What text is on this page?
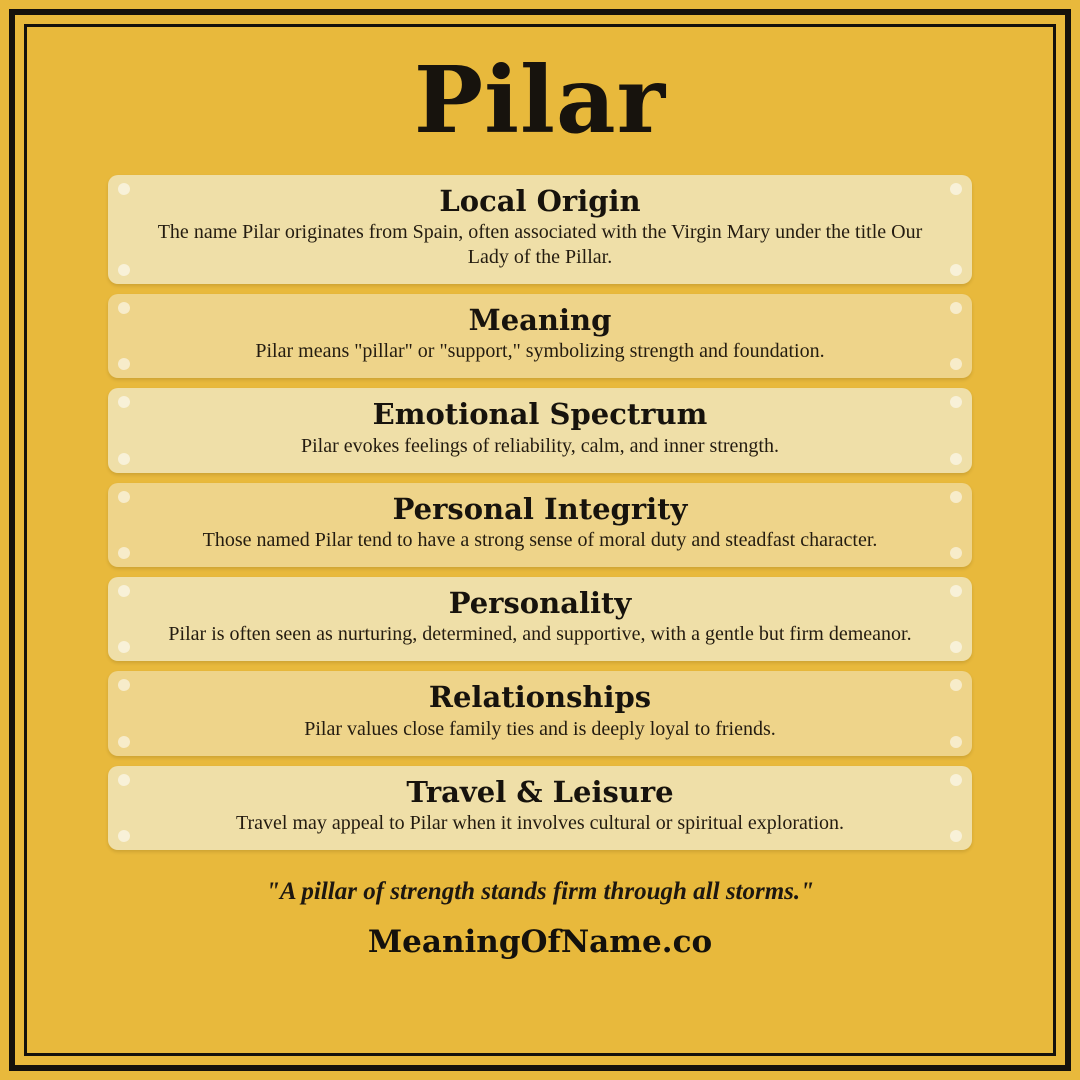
Pilar
Local Origin
The name Pilar originates from Spain, often associated with the Virgin Mary under the title Our Lady of the Pillar.
Meaning
Pilar means "pillar" or "support," symbolizing strength and foundation.
Emotional Spectrum
Pilar evokes feelings of reliability, calm, and inner strength.
Personal Integrity
Those named Pilar tend to have a strong sense of moral duty and steadfast character.
Personality
Pilar is often seen as nurturing, determined, and supportive, with a gentle but firm demeanor.
Relationships
Pilar values close family ties and is deeply loyal to friends.
Travel & Leisure
Travel may appeal to Pilar when it involves cultural or spiritual exploration.
"A pillar of strength stands firm through all storms."
MeaningOfName.co
